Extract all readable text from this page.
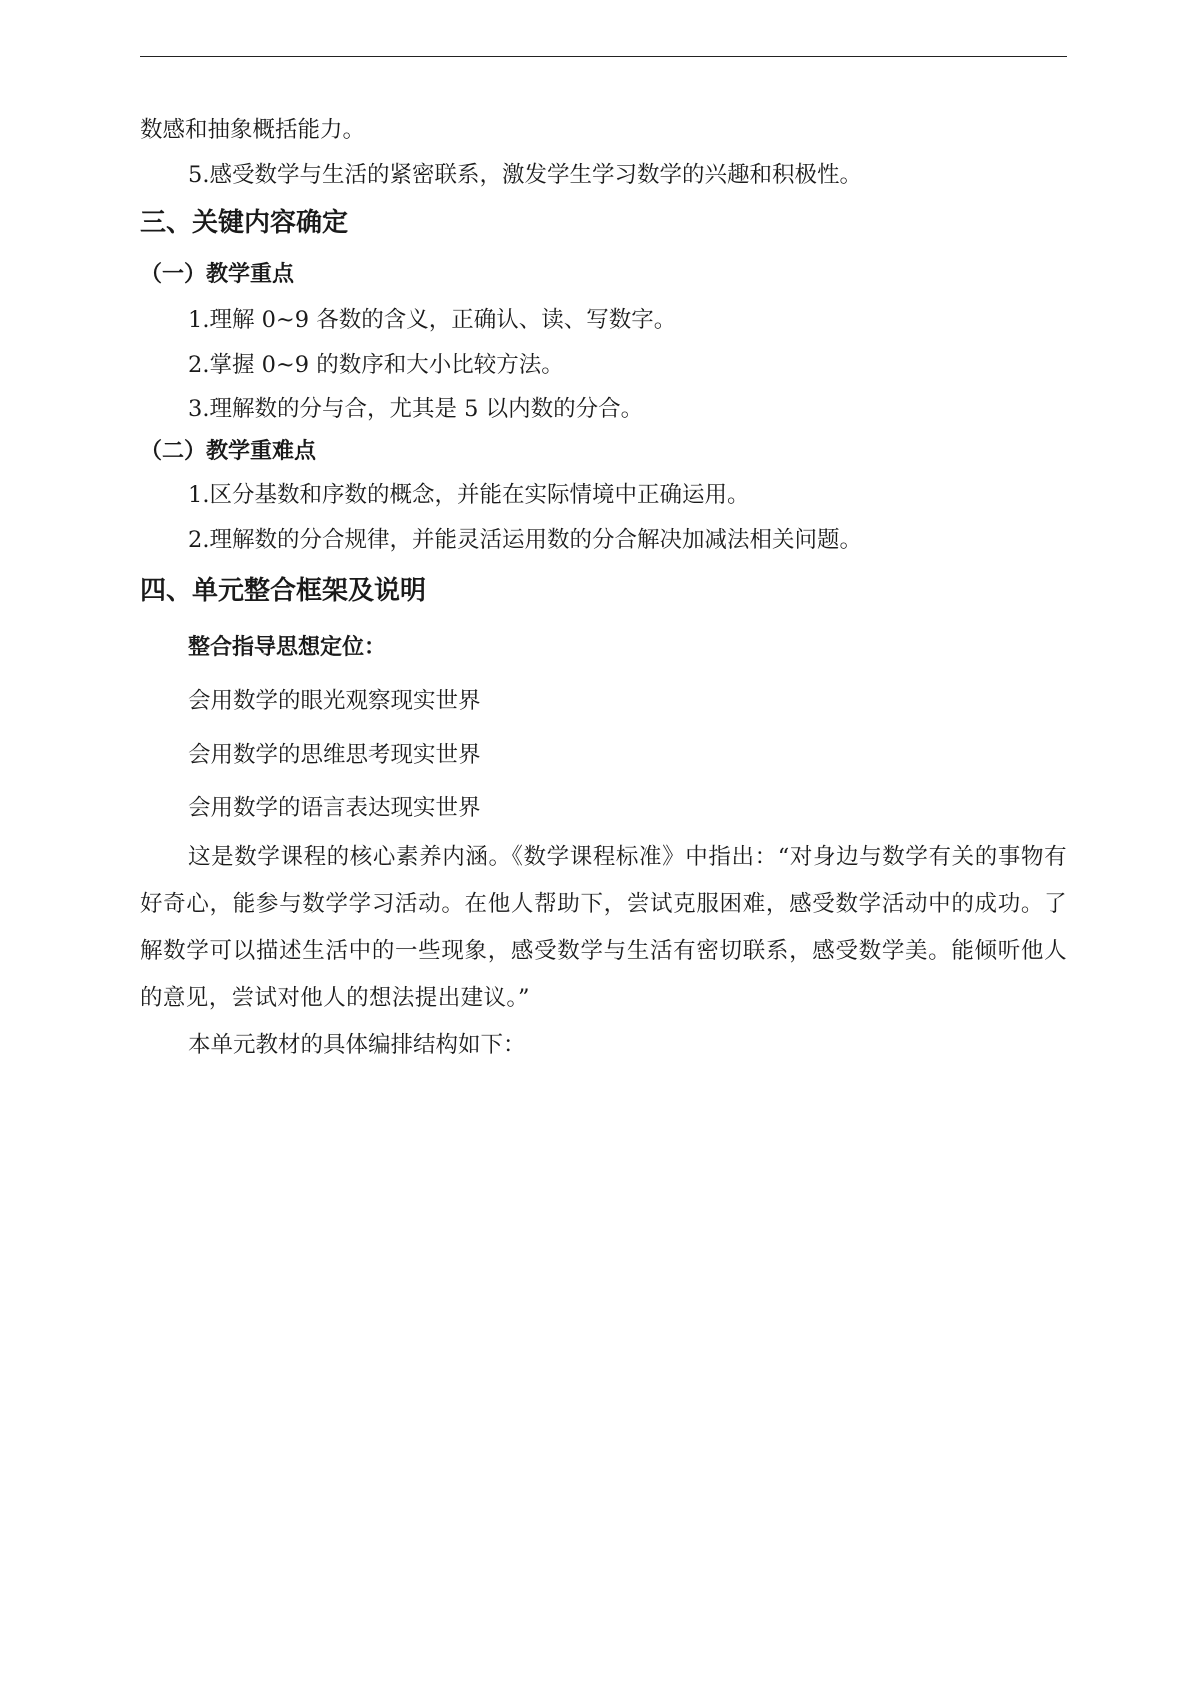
数感和抽象概括能力。
5.感受数学与生活的紧密联系，激发学生学习数学的兴趣和积极性。
三、关键内容确定
（一）教学重点
1.理解 0~9 各数的含义，正确认、读、写数字。
2.掌握 0~9 的数序和大小比较方法。
3.理解数的分与合，尤其是 5 以内数的分合。
（二）教学重难点
1.区分基数和序数的概念，并能在实际情境中正确运用。
2.理解数的分合规律，并能灵活运用数的分合解决加减法相关问题。
四、单元整合框架及说明
整合指导思想定位：
会用数学的眼光观察现实世界
会用数学的思维思考现实世界
会用数学的语言表达现实世界
这是数学课程的核心素养内涵。《数学课程标准》中指出：“对身边与数学有关的事物有好奇心，能参与数学学习活动。在他人帮助下，尝试克服困难，感受数学活动中的成功。了解数学可以描述生活中的一些现象，感受数学与生活有密切联系，感受数学美。能倾听他人的意见，尝试对他人的想法提出建议。”
本单元教材的具体编排结构如下：
